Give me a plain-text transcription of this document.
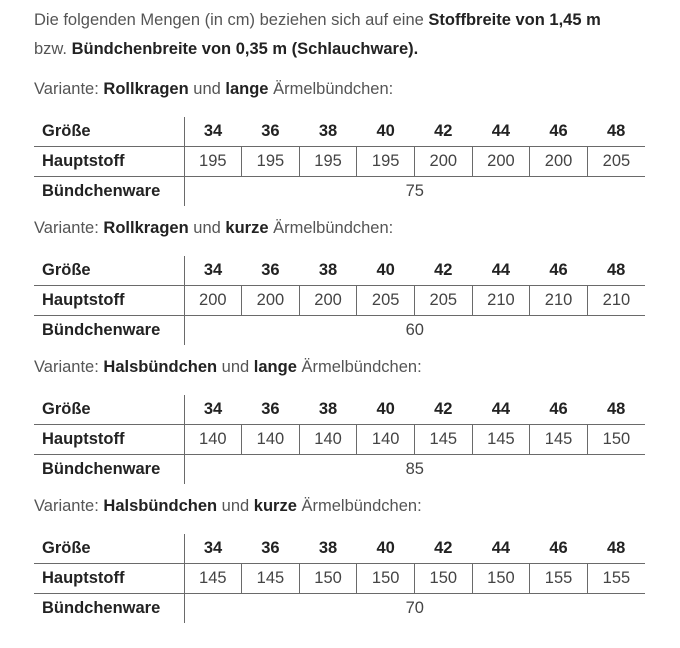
Die folgenden Mengen (in cm) beziehen sich auf eine Stoffbreite von 1,45 m
bzw. Bündchenbreite von 0,35 m (Schlauchware).
Variante: Rollkragen und lange Ärmelbündchen:
Größe	34	36	38	40	42	44	46	48
Hauptstoff	195	195	195	195	200	200	200	205
Bündchenware	75							
Variante: Rollkragen und kurze Ärmelbündchen:
Größe	34	36	38	40	42	44	46	48
Hauptstoff	200	200	200	205	205	210	210	210
Bündchenware	60							
Variante: Halsbündchen und lange Ärmelbündchen:
Größe	34	36	38	40	42	44	46	48
Hauptstoff	140	140	140	140	145	145	145	150
Bündchenware	85							
Variante: Halsbündchen und kurze Ärmelbündchen:
Größe	34	36	38	40	42	44	46	48
Hauptstoff	145	145	150	150	150	150	155	155
Bündchenware	70							
